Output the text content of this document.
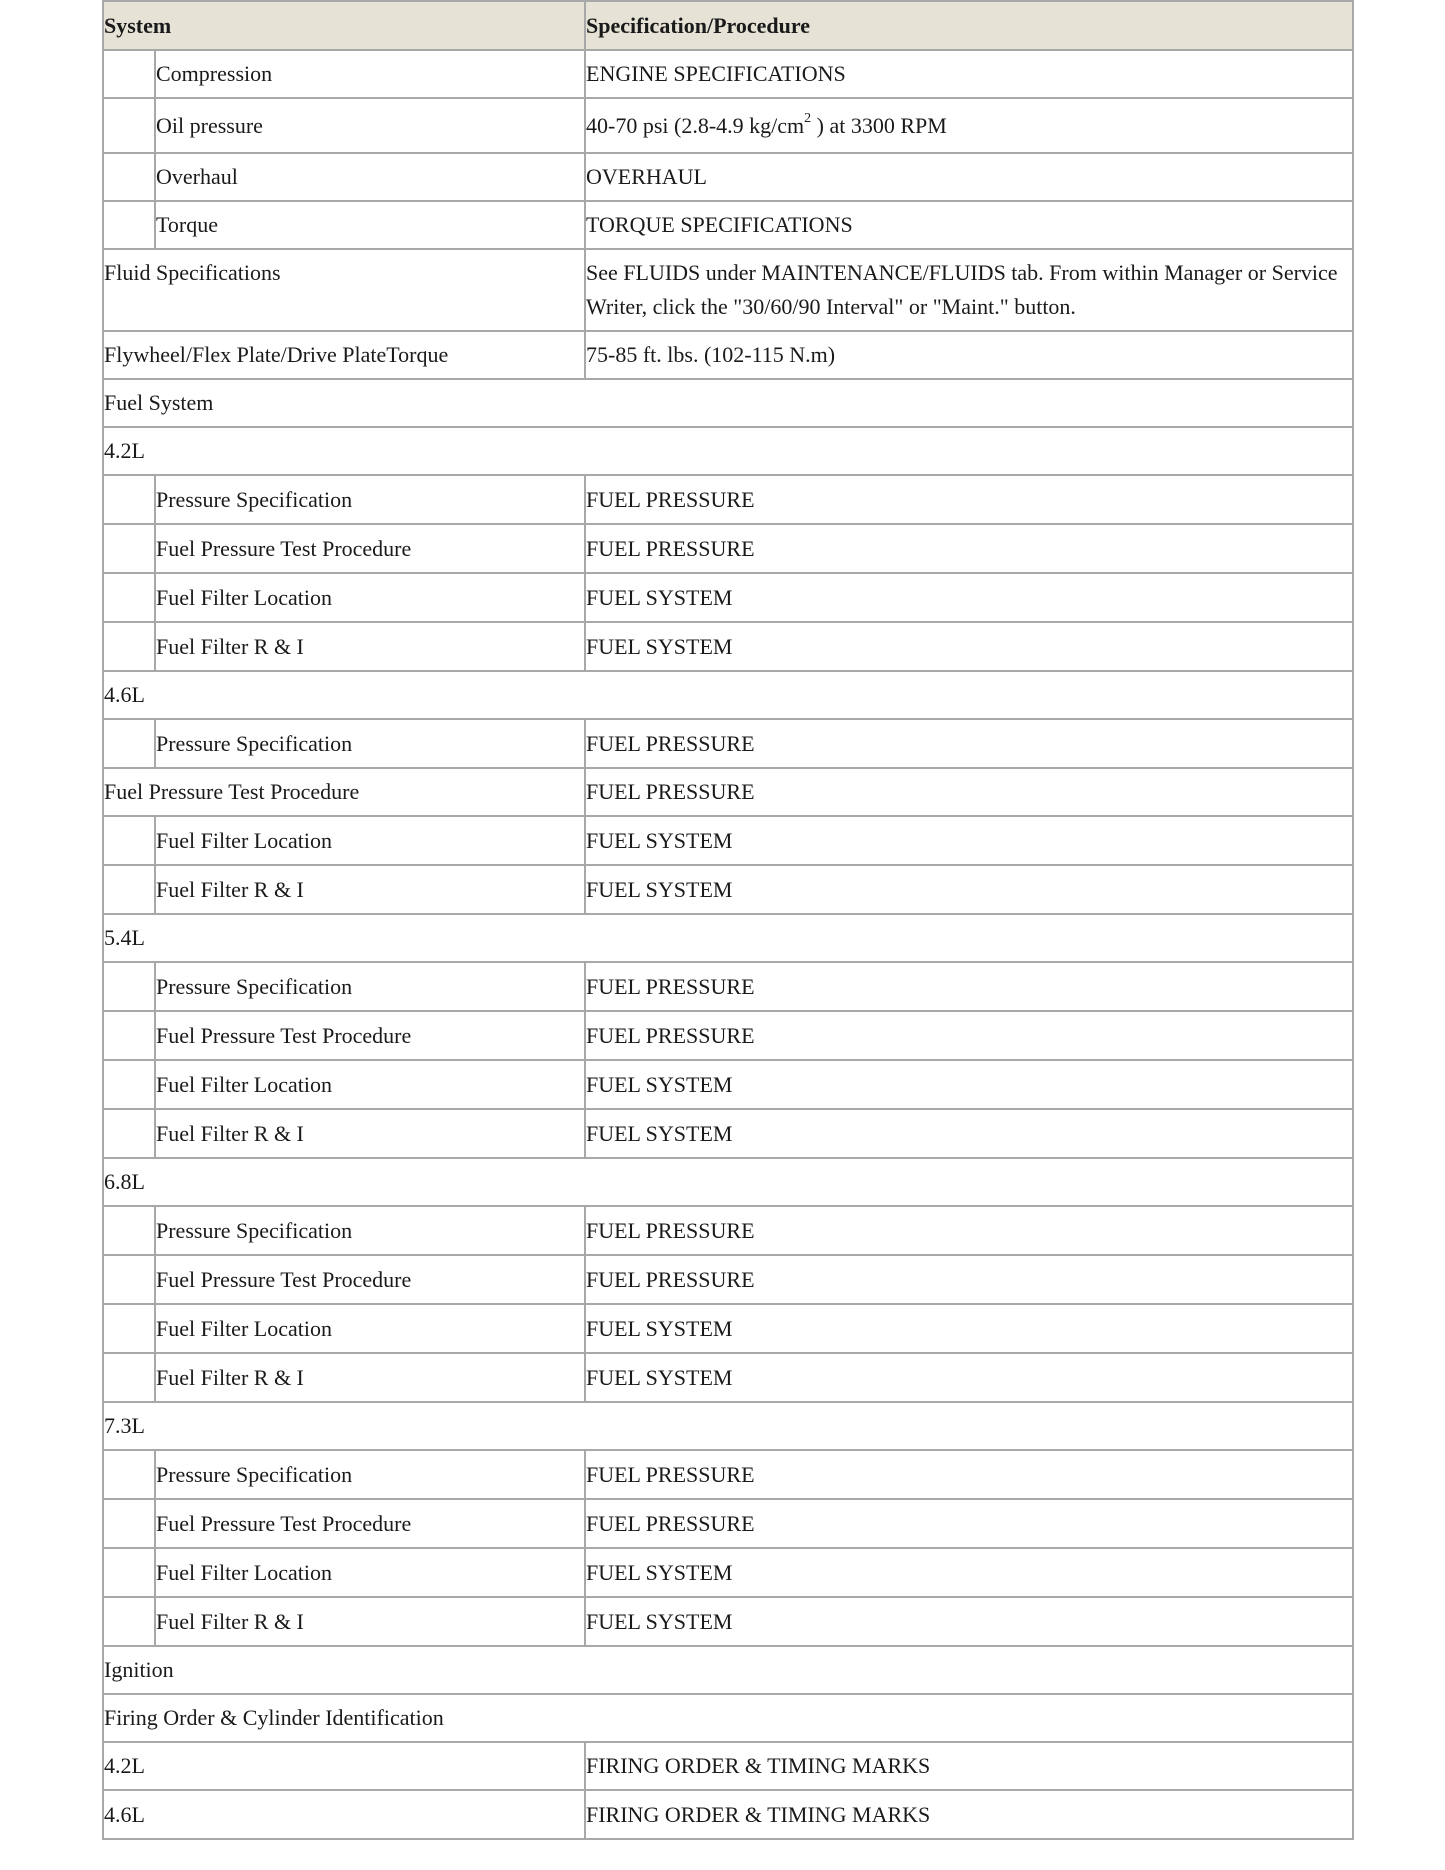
System		Specification/Procedure
	Compression	ENGINE SPECIFICATIONS
	Oil pressure	40-70 psi (2.8-4.9 $kg/cm^2$ ) at 3300 RPM
	Overhaul	OVERHAUL
	Torque	TORQUE SPECIFICATIONS
Fluid Specifications		See FLUIDS under MAINTENANCE/FLUIDS tab. From within Manager or Service Writer, click the "30/60/90 Interval" or "Maint." button.
Flywheel/Flex Plate/Drive PlateTorque		75-85 ft. lbs. (102-115 N.m)
Fuel System		
4.2L		
	Pressure Specification	FUEL PRESSURE
	Fuel Pressure Test Procedure	FUEL PRESSURE
	Fuel Filter Location	FUEL SYSTEM
	Fuel Filter R & I	FUEL SYSTEM
4.6L		
	Pressure Specification	FUEL PRESSURE
Fuel Pressure Test Procedure		FUEL PRESSURE
	Fuel Filter Location	FUEL SYSTEM
	Fuel Filter R & I	FUEL SYSTEM
5.4L		
	Pressure Specification	FUEL PRESSURE
	Fuel Pressure Test Procedure	FUEL PRESSURE
	Fuel Filter Location	FUEL SYSTEM
	Fuel Filter R & I	FUEL SYSTEM
6.8L		
	Pressure Specification	FUEL PRESSURE
	Fuel Pressure Test Procedure	FUEL PRESSURE
	Fuel Filter Location	FUEL SYSTEM
	Fuel Filter R & I	FUEL SYSTEM
7.3L		
	Pressure Specification	FUEL PRESSURE
	Fuel Pressure Test Procedure	FUEL PRESSURE
	Fuel Filter Location	FUEL SYSTEM
	Fuel Filter R & I	FUEL SYSTEM
Ignition		
Firing Order & Cylinder Identification		
4.2L		FIRING ORDER & TIMING MARKS
4.6L		FIRING ORDER & TIMING MARKS
